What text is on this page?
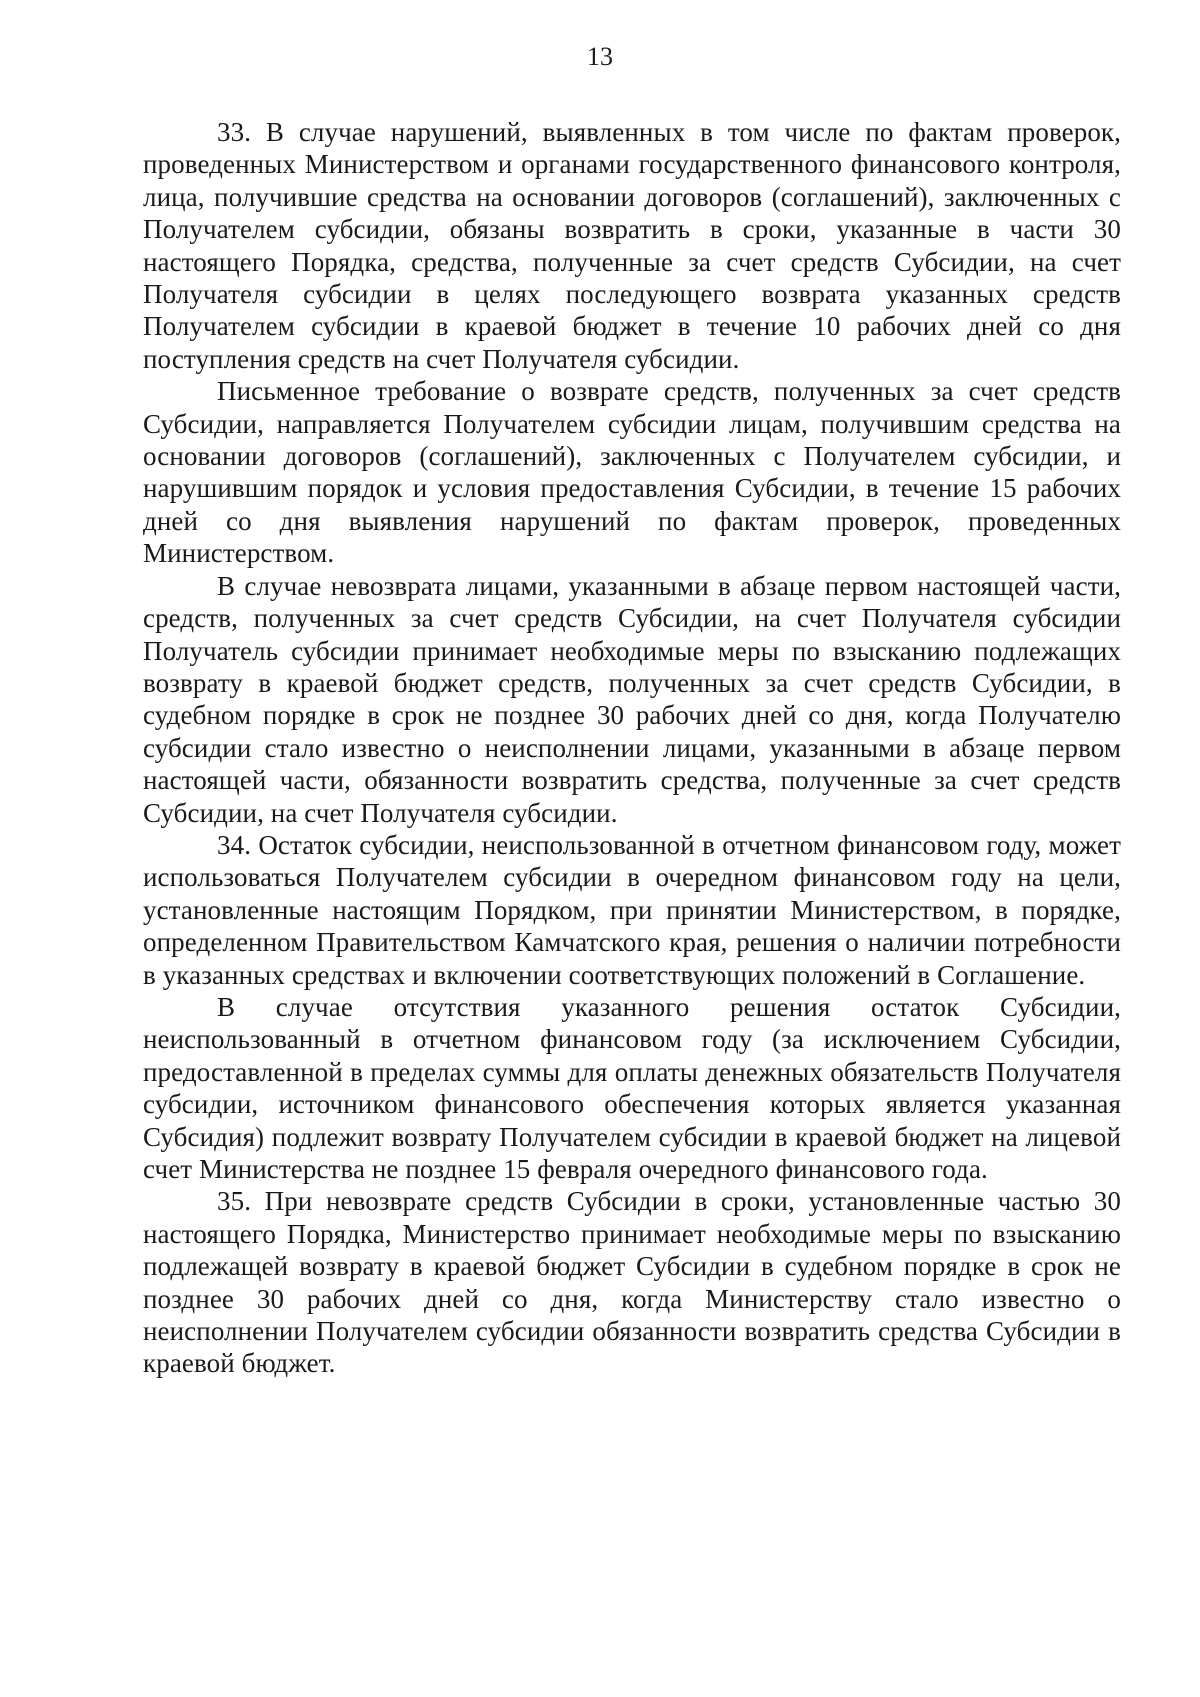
13

33. В случае нарушений, выявленных в том числе по фактам проверок, проведенных Министерством и органами государственного финансового контроля, лица, получившие средства на основании договоров (соглашений), заключенных с Получателем субсидии, обязаны возвратить в сроки, указанные в части 30 настоящего Порядка, средства, полученные за счет средств Субсидии, на счет Получателя субсидии в целях последующего возврата указанных средств Получателем субсидии в краевой бюджет в течение 10 рабочих дней со дня поступления средств на счет Получателя субсидии.

Письменное требование о возврате средств, полученных за счет средств Субсидии, направляется Получателем субсидии лицам, получившим средства на основании договоров (соглашений), заключенных с Получателем субсидии, и нарушившим порядок и условия предоставления Субсидии, в течение 15 рабочих дней со дня выявления нарушений по фактам проверок, проведенных Министерством.

В случае невозврата лицами, указанными в абзаце первом настоящей части, средств, полученных за счет средств Субсидии, на счет Получателя субсидии Получатель субсидии принимает необходимые меры по взысканию подлежащих возврату в краевой бюджет средств, полученных за счет средств Субсидии, в судебном порядке в срок не позднее 30 рабочих дней со дня, когда Получателю субсидии стало известно о неисполнении лицами, указанными в абзаце первом настоящей части, обязанности возвратить средства, полученные за счет средств Субсидии, на счет Получателя субсидии.

34. Остаток субсидии, неиспользованной в отчетном финансовом году, может использоваться Получателем субсидии в очередном финансовом году на цели, установленные настоящим Порядком, при принятии Министерством, в порядке, определенном Правительством Камчатского края, решения о наличии потребности в указанных средствах и включении соответствующих положений в Соглашение.

В случае отсутствия указанного решения остаток Субсидии, неиспользованный в отчетном финансовом году (за исключением Субсидии, предоставленной в пределах суммы для оплаты денежных обязательств Получателя субсидии, источником финансового обеспечения которых является указанная Субсидия) подлежит возврату Получателем субсидии в краевой бюджет на лицевой счет Министерства не позднее 15 февраля очередного финансового года.

35. При невозврате средств Субсидии в сроки, установленные частью 30 настоящего Порядка, Министерство принимает необходимые меры по взысканию подлежащей возврату в краевой бюджет Субсидии в судебном порядке в срок не позднее 30 рабочих дней со дня, когда Министерству стало известно о неисполнении Получателем субсидии обязанности возвратить средства Субсидии в краевой бюджет.
